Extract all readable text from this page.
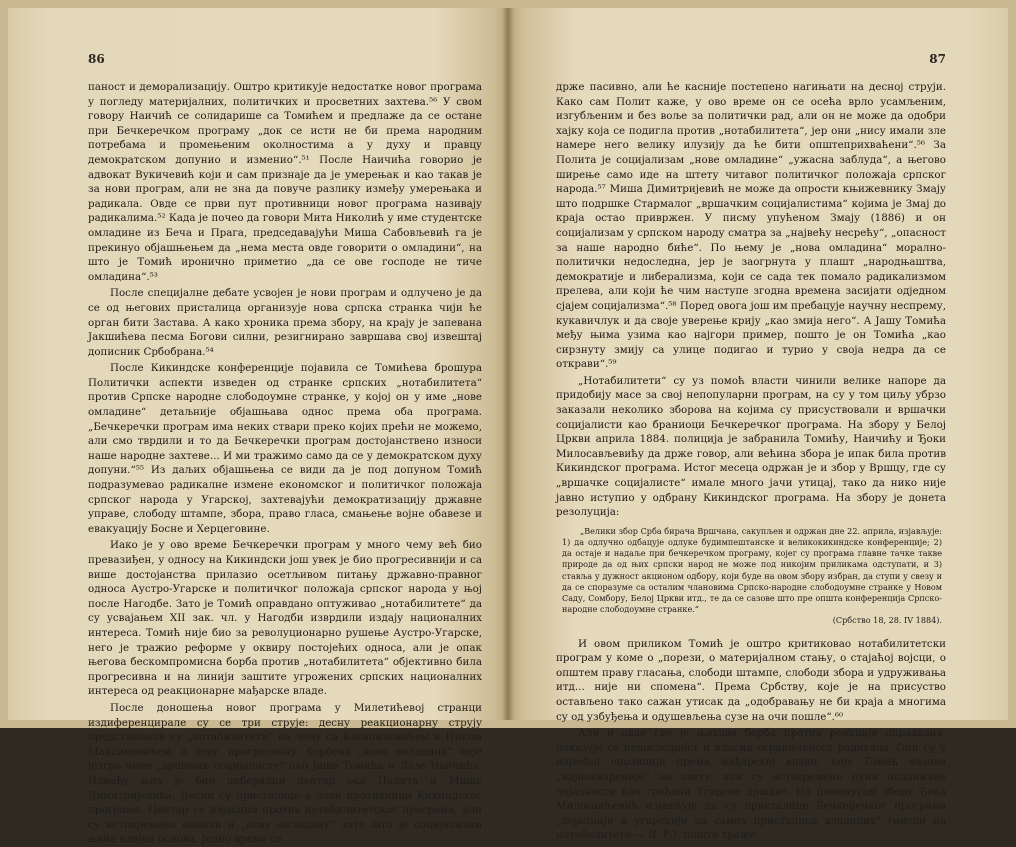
86

паност и деморализацију. Оштро критикује недостатке новог програма у погледу материјалних, политичких и просветних захтева.⁵⁶ У свом говору Наичић се солидарише са Томићем и предлаже да се остане при Бечкеречком програму „док се исти не би према народним потребама и промењеним околностима а у духу и правцу демократском допунио и изменио“.⁵¹ После Наичића говорио је адвокат Вукичевић који и сам признаје да је умерењак и као такав је за нови програм, али не зна да повуче разлику између умерењака и радикала. Овде се први пут противници новог програма називају радикалима.⁵² Када је почео да говори Мита Николић у име студентске омладине из Беча и Прага, председавајући Миша Сабовљевић га је прекинуо објашњењем да „нема места овде говорити о омладини“, на што је Томић иронично приметио „да се ове господе не тиче омладина“.⁵³

После специјалне дебате усвојен је нови програм и одлучено је да се од његових присталица организује нова српска странка чији ће орган бити Застава. А како хроника према збору, на крају је запевана Јакшићева песма Богови силни, резигнирано завршава свој извештај дописник Србобрана.⁵⁴

После Кикиндске конференције појавила се Томићева брошура Политички аспекти изведен од странке српских „нотабилитета“ против Српске народне слободоумне странке, у којој он у име „нове омладине“ детаљније објашњава однос према обa програма. „Бечкеречки програм има неких ствари преко којих прећи не можемо, али смо тврдили и то да Бечкеречки програм достојанствено износи наше народне захтеве... И ми тражимо само да се у демократском духу допуни.“⁵⁵ Из даљих објашњења се види да је под допуном Томић подразумевао радикалне измене економског и политичког положаја српског народа у Угарској, захтевајући демократизацију државне управе, слободу штампе, збора, право гласа, смањење војне обавезе и евакуацију Босне и Херцеговине.

Иако је у ово време Бечкеречки програм у много чему већ био превазиђен, у односу на Кикиндски још увек је био прогресивнији и са више достојанства прилазио осетљивом питању државно-правног односа Аустро-Угарске и политичког положаја српског народа у њој после Нагодбе. Зато је Томић оправдано оптуживао „нотабилитете“ да су усвајањем XII зак. чл. у Нагодби изврдили издају националних интереса. Томић није био за револуционарно рушење Аустро-Угарске, него је тражио реформе у оквиру постојећих односа, али је опак његова бескомпромисна борба против „нотабилитета“ објективно била прогресивна и на линији заштите угрожених српских националних интереса од реакционарне мађарске владе.

После доношења новог програма у Милетићевој странци издиференцирале су се три струје: десну реакционарну струју представљали су „нотабилитети“ на челу са Касапиновићем и Ником Максимовићем, а леву, прогресивну, борбена „нова омладина“ чије језгро чине „вршачке социјалисте“ око Јаше Томића и Лазе Наичића. Између њих је био либерални центар око Полита и Мише Димитријевића. Десни су присталице а леви противници Кикиндског програма. Центар се изјаснио против нотабилитетског програма, али су истовремено напали и „нову омладину“ зато што је социјализам њена идејна основа. Једно време се

87

држе пасивно, али ће касније постепено нагињати на десној струји. Како сам Полит каже, у ово време он се осећа врло усамљеним, изгубљеним и без воље за политички рад, али он не може да одобри хајку која се подигла против „нотабилитета“, јер они „нису имали зле намере него велику илузију да ће бити општеприхваћени“.⁵⁶ За Полита је социјализам „нове омладине“ „ужасна заблуда“, а његово ширење само иде на штету читавог политичког положаја српског народа.⁵⁷ Миша Димитријевић не може да опрости књижевнику Змају што подршке Стармалог „вршачким социјалистима“ којима је Змај до краја остао привржен. У писму упућеном Змају (1886) и он социјализам у српском народу сматра за „највећу несрећу“, „опасност за наше народно биће“. По њему је „нова омладина“ морално-политички недоследна, јер је заогрнута у плашт „народњаштва, демократије и либерализма, који се сада тек помало радикализмом прелева, али који ће чим наступе згодна времена засијати одједном сјајем социјализма“.⁵⁸ Поред овога још им пребацује научну неспрему, кукавичлук и да своје уверење крију „као змија него“. А Јашу Томића међу њима узима као најгори пример, пошто је он Томића „као сирзнуту змију са улице подигао и турио у своја недра да се открави“.⁵⁹

„Нотабилитети“ су уз помоћ власти чинили велике напоре да придобију масе за свој непопуларни програм, на су у том циљу убрзо заказали неколико зборова на којима су присуствовали и вршачки социјалисти као браниоци Бечкеречког програма. На збору у Белој Цркви априла 1884. полиција је забранила Томићу, Наичићу и Ђоки Милосављевићу да држе говор, али већина збора је ипак била против Кикиндског програма. Истог месеца одржан је и збор у Вршцу, где су „вршачке социјалисте“ имале много јачи утицај, тако да нико није јавно иступио у одбрану Кикиндског програма. На збору је донета резолуција:

„Велики збор Срба бирача Вршчана, сакупљен и одржан дне 22. априла, изјављује: 1) да одлучно одбацује одлуке будимпештанске и великокикиндске конференције; 2) да остаје и надаље при бечкеречком програму, којег су програма главне тачке такве природе да од њих српски народ не може под никојим приликама одступати, и 3) ставља у дужност акционом одбору, који буде на овом збору избран, да ступи у свезу и да се споразуме са осталим члановима Српско-народне слободоумне странке у Новом Саду, Сомбору, Белој Цркви итд., те да се сазове што пре општа конференција Српско-народне слободоумне странке.“

(Србство 18, 28. IV 1884).

И овом приликом Томић је оштро критиковао нотабилитетски програм у коме о „порези, о материјалном стању, о стајаћој војсци, о општем праву гласања, слободи штампе, слободи збора и удруживања итд... није ни спомена“. Према Србству, које је на присуство остављено тако сажан утисак да „одобравању не би краја а многима су од узбуђења и одушевљења сузе на очи пошле“.⁶⁰

Али и овде где је њихова борба против реакције оправдана, показује се недоследност и класна ограниченост радикала. Они су у највећој опозицији према мађарској влади, коју Томић назива „најпоквареније“ на свету, али су истовремено пуни поданичке лојалности као грађани Угарске државе. На поменутом збору Ђока Милосављевић изјављује да су присталице Бечкеречког програма „лојалнији и угарскији од самих присталица владиних“ (мисли на нотабилитете — Л. Р.), пошто траже
